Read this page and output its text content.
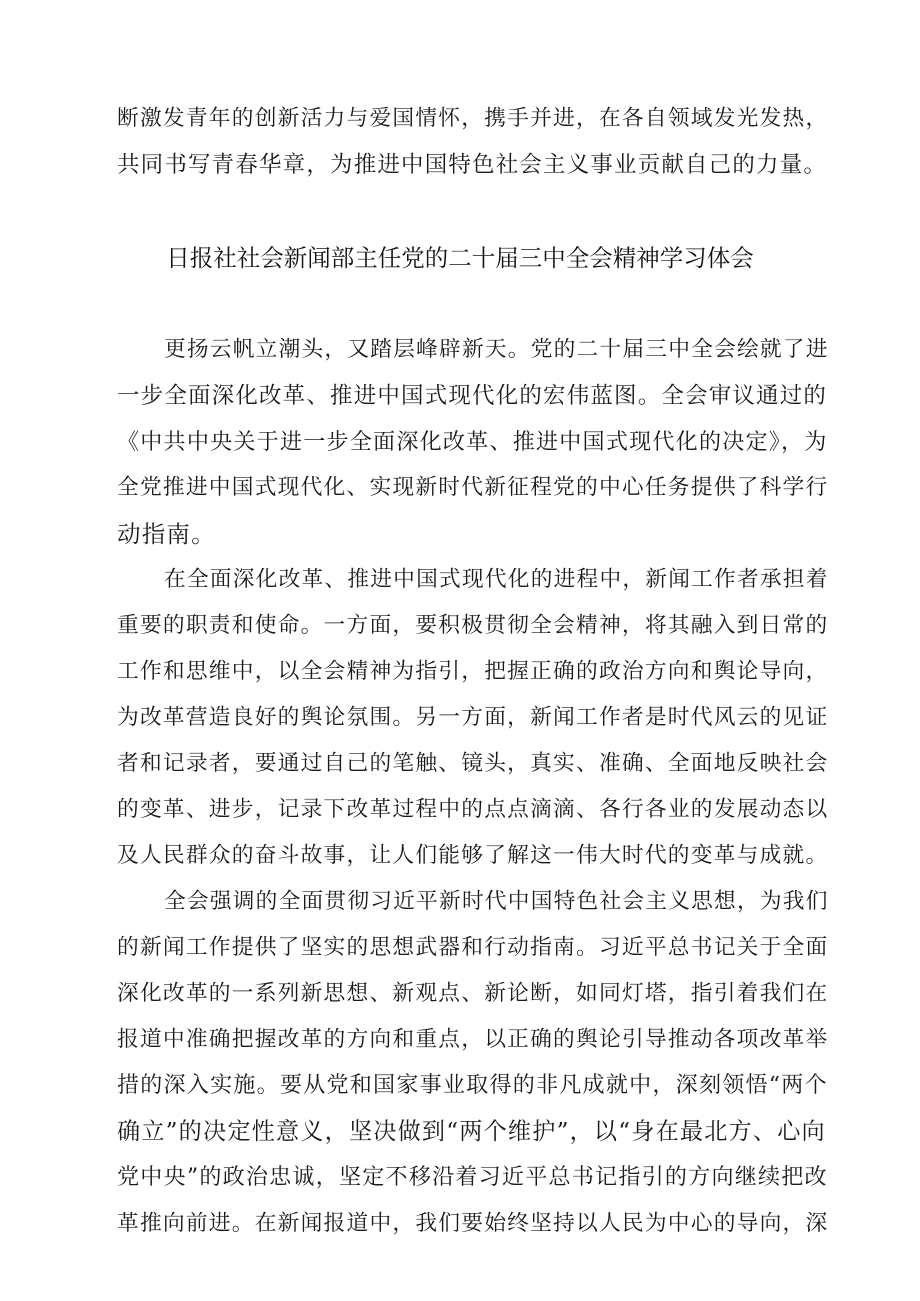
断激发青年的创新活力与爱国情怀，携手并进，在各自领域发光发热，
共同书写青春华章，为推进中国特色社会主义事业贡献自己的力量。
日报社社会新闻部主任党的二十届三中全会精神学习体会
更扬云帆立潮头，又踏层峰辟新天。党的二十届三中全会绘就了进
一步全面深化改革、推进中国式现代化的宏伟蓝图。全会审议通过的
《中共中央关于进一步全面深化改革、推进中国式现代化的决定》，为
全党推进中国式现代化、实现新时代新征程党的中心任务提供了科学行
动指南。
在全面深化改革、推进中国式现代化的进程中，新闻工作者承担着
重要的职责和使命。一方面，要积极贯彻全会精神，将其融入到日常的
工作和思维中，以全会精神为指引，把握正确的政治方向和舆论导向，
为改革营造良好的舆论氛围。另一方面，新闻工作者是时代风云的见证
者和记录者，要通过自己的笔触、镜头，真实、准确、全面地反映社会
的变革、进步，记录下改革过程中的点点滴滴、各行各业的发展动态以
及人民群众的奋斗故事，让人们能够了解这一伟大时代的变革与成就。
全会强调的全面贯彻习近平新时代中国特色社会主义思想，为我们
的新闻工作提供了坚实的思想武器和行动指南。习近平总书记关于全面
深化改革的一系列新思想、新观点、新论断，如同灯塔，指引着我们在
报道中准确把握改革的方向和重点，以正确的舆论引导推动各项改革举
措的深入实施。要从党和国家事业取得的非凡成就中，深刻领悟“两个
确立”的决定性意义，坚决做到“两个维护”，以“身在最北方、心向
党中央”的政治忠诚，坚定不移沿着习近平总书记指引的方向继续把改
革推向前进。在新闻报道中，我们要始终坚持以人民为中心的导向，深
